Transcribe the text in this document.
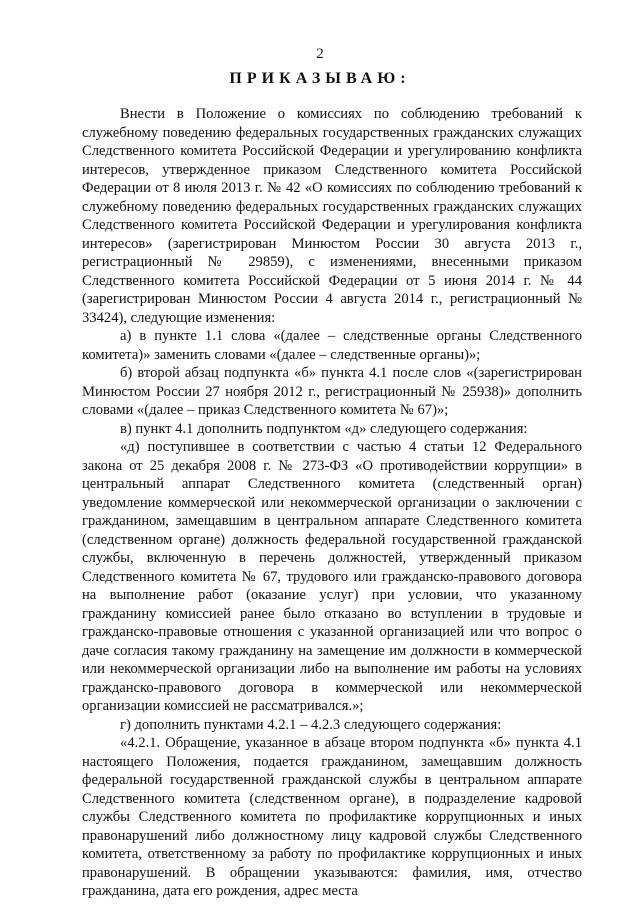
2
ПРИКАЗЫВАЮ:

Внести в Положение о комиссиях по соблюдению требований к служебному поведению федеральных государственных гражданских служащих Следственного комитета Российской Федерации и урегулированию конфликта интересов, утвержденное приказом Следственного комитета Российской Федерации от 8 июля 2013 г. № 42 «О комиссиях по соблюдению требований к служебному поведению федеральных государственных гражданских служащих Следственного комитета Российской Федерации и урегулирования конфликта интересов» (зарегистрирован Минюстом России 30 августа 2013 г., регистрационный № 29859), с изменениями, внесенными приказом Следственного комитета Российской Федерации от 5 июня 2014 г. № 44 (зарегистрирован Минюстом России 4 августа 2014 г., регистрационный № 33424), следующие изменения:

а) в пункте 1.1 слова «(далее – следственные органы Следственного комитета)» заменить словами «(далее – следственные органы)»;

б) второй абзац подпункта «б» пункта 4.1 после слов «(зарегистрирован Минюстом России 27 ноября 2012 г., регистрационный № 25938)» дополнить словами «(далее – приказ Следственного комитета № 67)»;

в) пункт 4.1 дополнить подпунктом «д» следующего содержания:

«д) поступившее в соответствии с частью 4 статьи 12 Федерального закона от 25 декабря 2008 г. № 273-ФЗ «О противодействии коррупции» в центральный аппарат Следственного комитета (следственный орган) уведомление коммерческой или некоммерческой организации о заключении с гражданином, замещавшим в центральном аппарате Следственного комитета (следственном органе) должность федеральной государственной гражданской службы, включенную в перечень должностей, утвержденный приказом Следственного комитета № 67, трудового или гражданско-правового договора на выполнение работ (оказание услуг) при условии, что указанному гражданину комиссией ранее было отказано во вступлении в трудовые и гражданско-правовые отношения с указанной организацией или что вопрос о даче согласия такому гражданину на замещение им должности в коммерческой или некоммерческой организации либо на выполнение им работы на условиях гражданско-правового договора в коммерческой или некоммерческой организации комиссией не рассматривался.»;

г) дополнить пунктами 4.2.1 – 4.2.3 следующего содержания:

«4.2.1. Обращение, указанное в абзаце втором подпункта «б» пункта 4.1 настоящего Положения, подается гражданином, замещавшим должность федеральной государственной гражданской службы в центральном аппарате Следственного комитета (следственном органе), в подразделение кадровой службы Следственного комитета по профилактике коррупционных и иных правонарушений либо должностному лицу кадровой службы Следственного комитета, ответственному за работу по профилактике коррупционных и иных правонарушений. В обращении указываются: фамилия, имя, отчество гражданина, дата его рождения, адрес места
